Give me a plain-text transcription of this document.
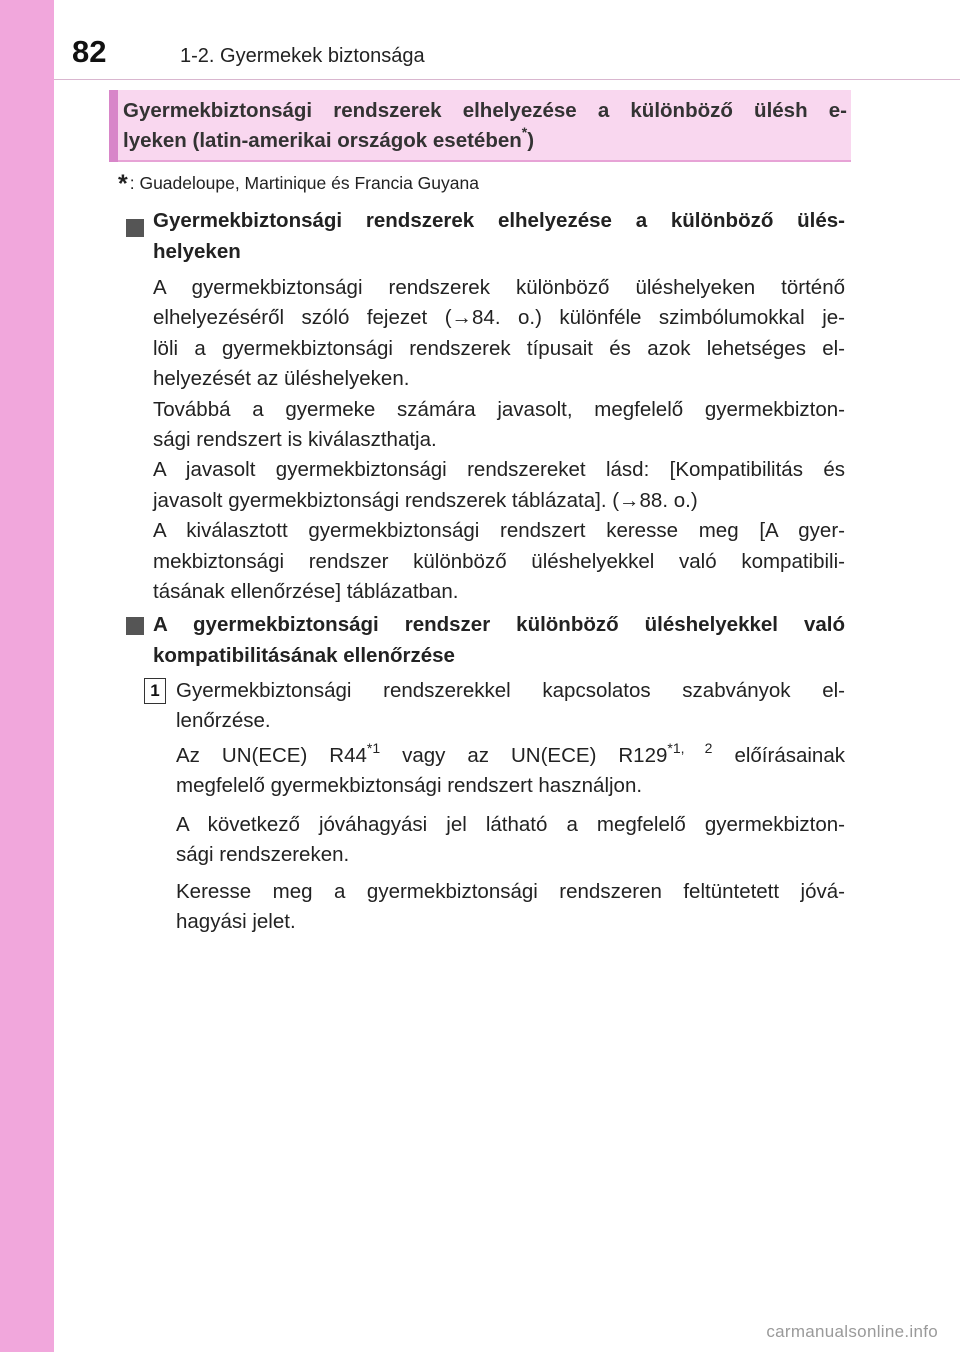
82	1-2. Gyermekek biztonsága
Gyermekbiztonsági rendszerek elhelyezése a különböző ülésh e-
lyeken (latin-amerikai országok esetében*)
* : Guadeloupe, Martinique és Francia Guyana
Gyermekbiztonsági rendszerek elhelyezése a különböző ülés-
helyeken
A gyermekbiztonsági rendszerek különböző üléshelyeken történő
elhelyezéséről szóló fejezet (→84. o.) különféle szimbólumokkal je-
löli a gyermekbiztonsági rendszerek típusait és azok lehetséges el-
helyezését az üléshelyeken.
Továbbá a gyermeke számára javasolt, megfelelő gyermekbizton-
sági rendszert is kiválaszthatja.
A javasolt gyermekbiztonsági rendszereket lásd: [Kompatibilitás és
javasolt gyermekbiztonsági rendszerek táblázata]. (→88. o.)
A kiválasztott gyermekbiztonsági rendszert keresse meg [A gyer-
mekbiztonsági rendszer különböző üléshelyekkel való kompatibili-
tásának ellenőrzése] táblázatban.
A gyermekbiztonsági rendszer különböző üléshelyekkel való
kompatibilitásának ellenőrzése
1 Gyermekbiztonsági rendszerekkel kapcsolatos szabványok el-
lenőrzése.
Az UN(ECE) R44$^{*1}$ vagy az UN(ECE) R129$^{*1, 2}$ előírásainak
megfelelő gyermekbiztonsági rendszert használjon.
A következő jóváhagyási jel látható a megfelelő gyermekbizton-
sági rendszereken.
Keresse meg a gyermekbiztonsági rendszeren feltüntetett jóvá-
hagyási jelet.
carmanualsonline.info
